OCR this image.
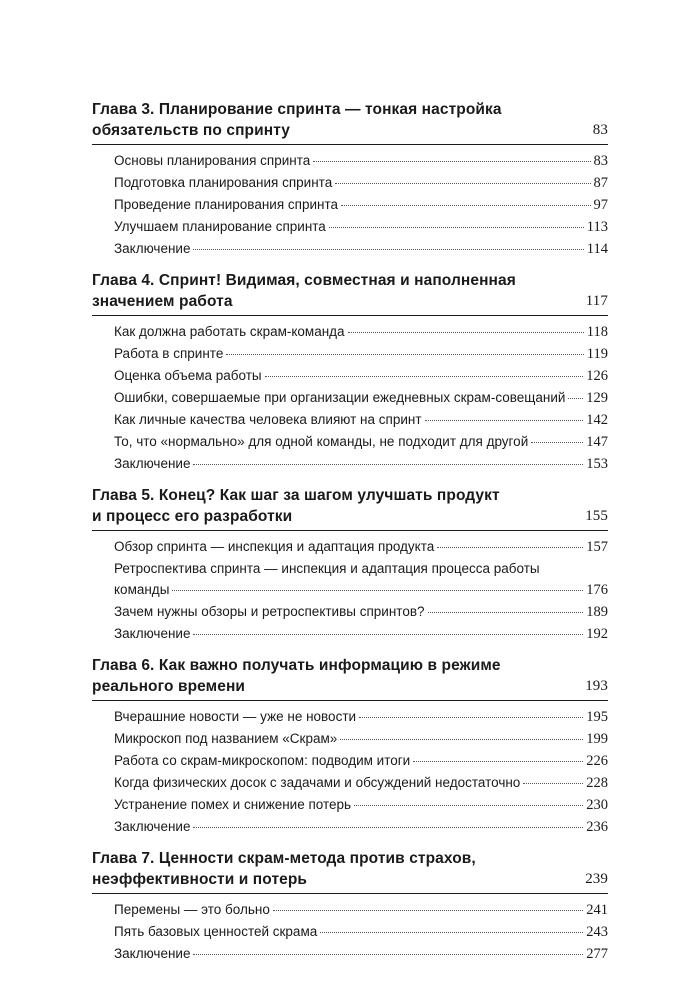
Глава 3. Планирование спринта — тонкая настройка
обязательств по спринту	83
Основы планирования спринта	83
Подготовка планирования спринта	87
Проведение планирования спринта	97
Улучшаем планирование спринта	113
Заключение	114
Глава 4. Спринт! Видимая, совместная и наполненная
значением работа	117
Как должна работать скрам-команда	118
Работа в спринте	119
Оценка объема работы	126
Ошибки, совершаемые при организации ежедневных скрам-совещаний 129
Как личные качества человека влияют на спринт	142
То, что «нормально» для одной команды, не подходит для другой	147
Заключение	153
Глава 5. Конец? Как шаг за шагом улучшать продукт
и процесс его разработки	155
Обзор спринта — инспекция и адаптация продукта	157
Ретроспектива спринта — инспекция и адаптация процесса работы
команды	176
Зачем нужны обзоры и ретроспективы спринтов?	189
Заключение	192
Глава 6. Как важно получать информацию в режиме
реального времени	193
Вчерашние новости — уже не новости	195
Микроскоп под названием «Скрам»	199
Работа со скрам-микроскопом: подводим итоги	226
Когда физических досок с задачами и обсуждений недостаточно	228
Устранение помех и снижение потерь	230
Заключение	236
Глава 7. Ценности скрам-метода против страхов,
неэффективности и потерь	239
Перемены — это больно	241
Пять базовых ценностей скрама	243
Заключение	277
